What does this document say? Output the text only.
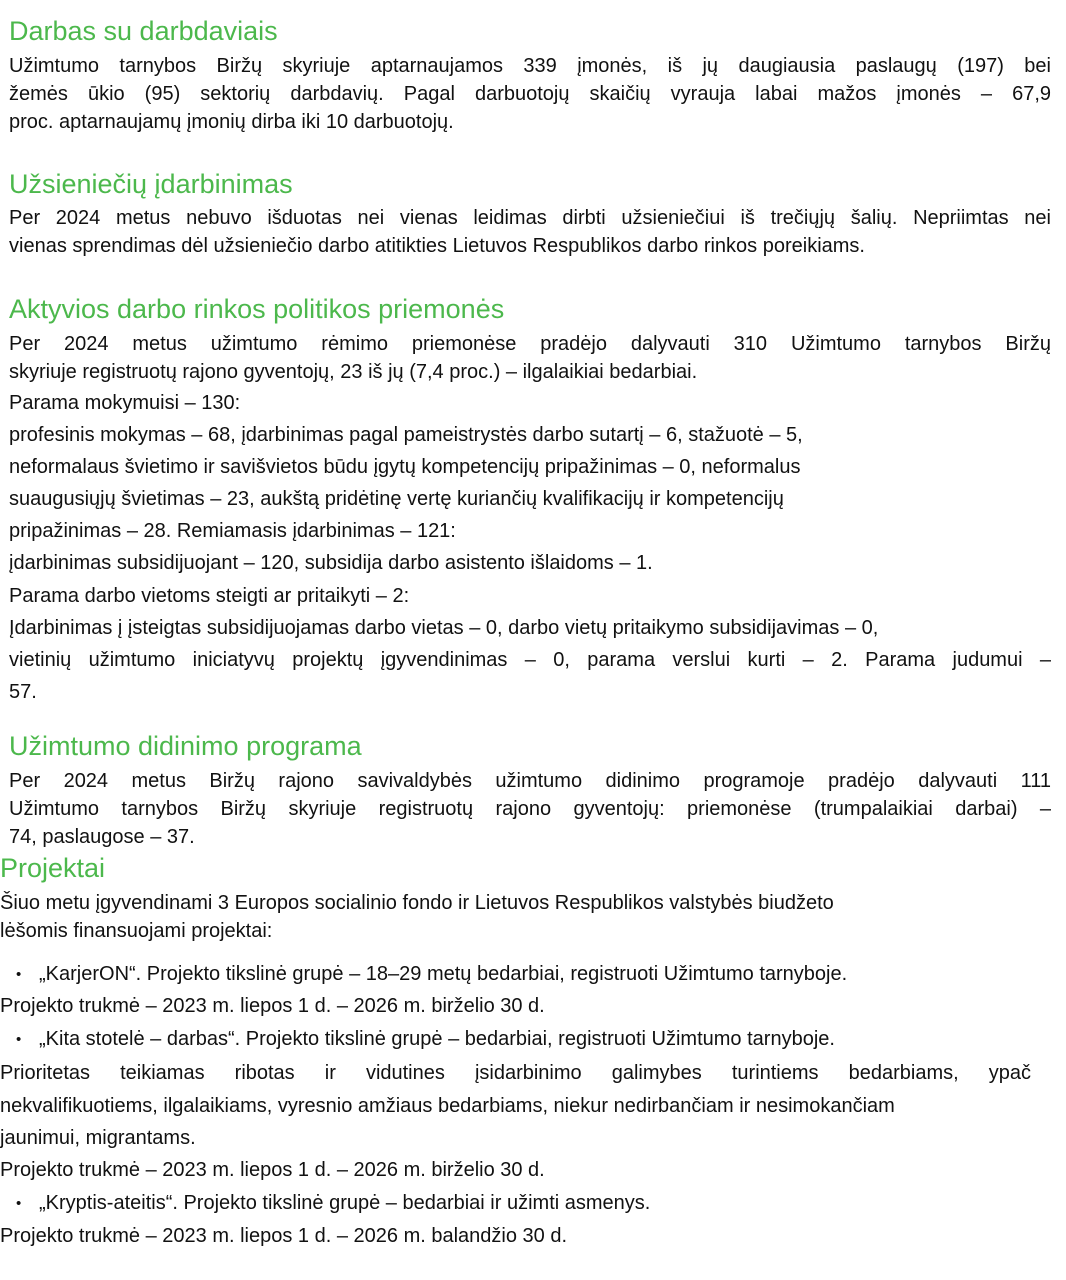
Darbas su darbdaviais

Užimtumo tarnybos Biržų skyriuje aptarnaujamos 339 įmonės, iš jų daugiausia paslaugų (197) bei

žemės ūkio (95) sektorių darbdavių. Pagal darbuotojų skaičių vyrauja labai mažos įmonės – 67,9

proc. aptarnaujamų įmonių dirba iki 10 darbuotojų.

Užsieniečių įdarbinimas

Per 2024 metus nebuvo išduotas nei vienas leidimas dirbti užsieniečiui iš trečiųjų šalių. Nepriimtas nei

vienas sprendimas dėl užsieniečio darbo atitikties Lietuvos Respublikos darbo rinkos poreikiams.

Aktyvios darbo rinkos politikos priemonės

Per 2024 metus užimtumo rėmimo priemonėse pradėjo dalyvauti 310 Užimtumo tarnybos Biržų

skyriuje registruotų rajono gyventojų, 23 iš jų (7,4 proc.) – ilgalaikiai bedarbiai.

Parama mokymuisi – 130:

profesinis mokymas – 68, įdarbinimas pagal pameistrystės darbo sutartį – 6, stažuotė – 5,

neformalaus švietimo ir savišvietos būdu įgytų kompetencijų pripažinimas – 0, neformalus

suaugusiųjų švietimas – 23, aukštą pridėtinę vertę kuriančių kvalifikacijų ir kompetencijų

pripažinimas – 28. Remiamasis įdarbinimas – 121:

įdarbinimas subsidijuojant – 120, subsidija darbo asistento išlaidoms – 1.

Parama darbo vietoms steigti ar pritaikyti – 2:

Įdarbinimas į įsteigtas subsidijuojamas darbo vietas – 0, darbo vietų pritaikymo subsidijavimas – 0,

vietinių užimtumo iniciatyvų projektų įgyvendinimas – 0, parama verslui kurti – 2. Parama judumui –

57.

Užimtumo didinimo programa

Per 2024 metus Biržų rajono savivaldybės užimtumo didinimo programoje pradėjo dalyvauti 111

Užimtumo tarnybos Biržų skyriuje registruotų rajono gyventojų: priemonėse (trumpalaikiai darbai) –

74, paslaugose – 37.

Projektai

Šiuo metu įgyvendinami 3 Europos socialinio fondo ir Lietuvos Respublikos valstybės biudžeto

lėšomis finansuojami projektai:

• „KarjerON“. Projekto tikslinė grupė – 18–29 metų bedarbiai, registruoti Užimtumo tarnyboje.

Projekto trukmė – 2023 m. liepos 1 d. – 2026 m. birželio 30 d.

• „Kita stotelė – darbas“. Projekto tikslinė grupė – bedarbiai, registruoti Užimtumo tarnyboje.

Prioritetas teikiamas ribotas ir vidutines įsidarbinimo galimybes turintiems bedarbiams, ypač

nekvalifikuotiems, ilgalaikiams, vyresnio amžiaus bedarbiams, niekur nedirbančiam ir nesimokančiam

jaunimui, migrantams.

Projekto trukmė – 2023 m. liepos 1 d. – 2026 m. birželio 30 d.

• „Kryptis-ateitis“. Projekto tikslinė grupė – bedarbiai ir užimti asmenys.

Projekto trukmė – 2023 m. liepos 1 d. – 2026 m. balandžio 30 d.
